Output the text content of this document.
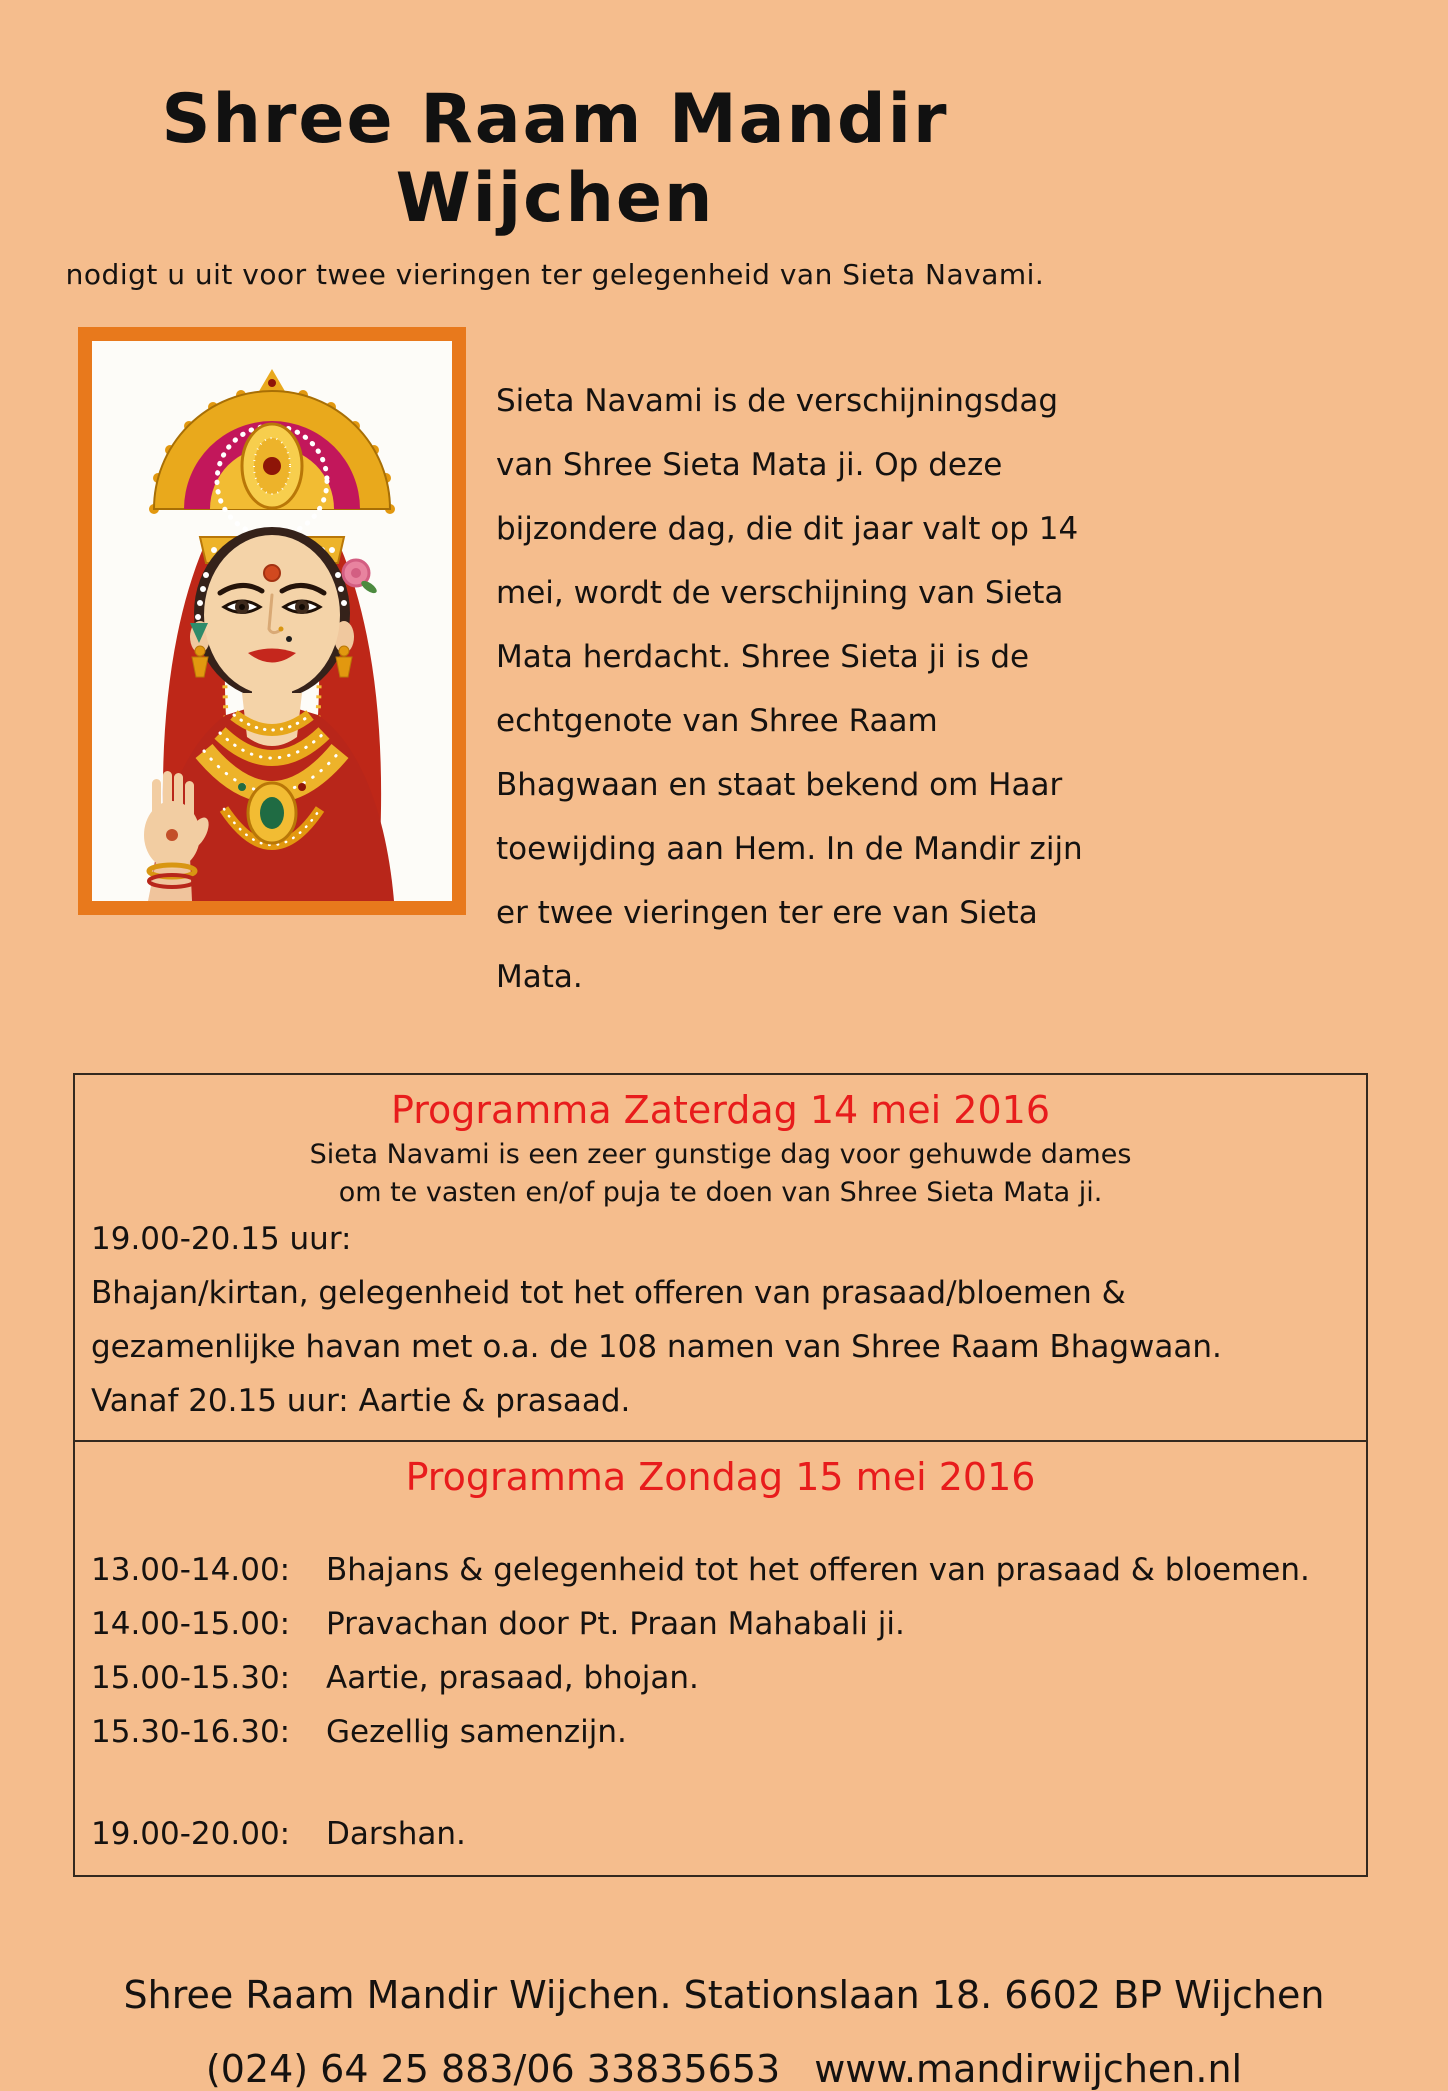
Shree Raam Mandir Wijchen
nodigt u uit voor twee vieringen ter gelegenheid van Sieta Navami.
Sieta Navami is de verschijningsdag van Shree Sieta Mata ji. Op deze bijzondere dag, die dit jaar valt op 14 mei, wordt de verschijning van Sieta Mata herdacht. Shree Sieta ji is de echtgenote van Shree Raam Bhagwaan en staat bekend om Haar toewijding aan Hem. In de Mandir zijn er twee vieringen ter ere van Sieta Mata.
Programma Zaterdag 14 mei 2016
Sieta Navami is een zeer gunstige dag voor gehuwde dames
om te vasten en/of puja te doen van Shree Sieta Mata ji.
19.00-20.15 uur:
Bhajan/kirtan, gelegenheid tot het offeren van prasaad/bloemen &
gezamenlijke havan met o.a. de 108 namen van Shree Raam Bhagwaan.
Vanaf 20.15 uur: Aartie & prasaad.
Programma Zondag 15 mei 2016
13.00-14.00:	Bhajans & gelegenheid tot het offeren van prasaad & bloemen.
14.00-15.00:	Pravachan door Pt. Praan Mahabali ji.
15.00-15.30:	Aartie, prasaad, bhojan.
15.30-16.30:	Gezellig samenzijn.
19.00-20.00:	Darshan.
Shree Raam Mandir Wijchen. Stationslaan 18. 6602 BP Wijchen
(024) 64 25 883/06 33835653 www.mandirwijchen.nl
